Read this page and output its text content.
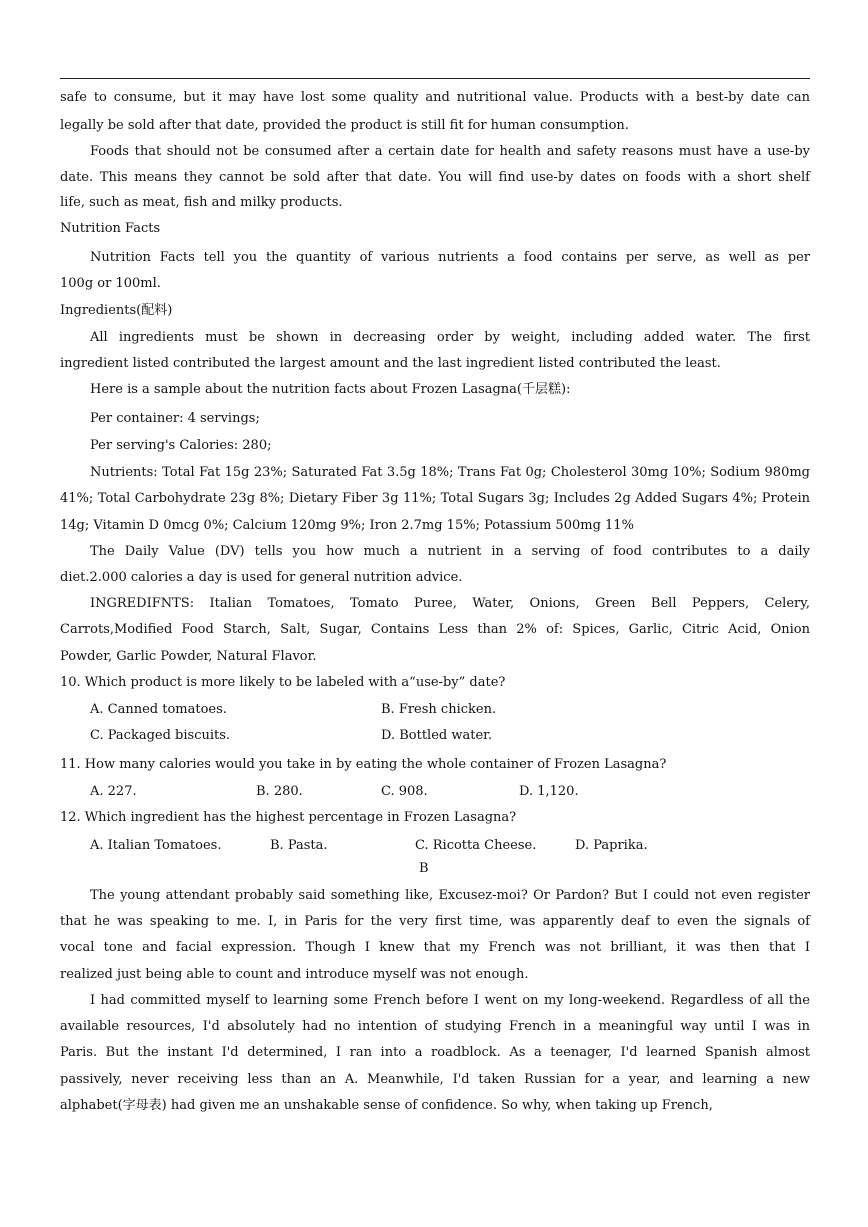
safe to consume, but it may have lost some quality and nutritional value. Products with a best-by date can
legally be sold after that date, provided the product is still fit for human consumption.
Foods that should not be consumed after a certain date for health and safety reasons must have a use-by
date. This means they cannot be sold after that date. You will find use-by dates on foods with a short shelf
life, such as meat, fish and milky products.
Nutrition Facts
Nutrition Facts tell you the quantity of various nutrients a food contains per serve, as well as per
100g or 100ml.
Ingredients(配料)
All ingredients must be shown in decreasing order by weight, including added water. The first
ingredient listed contributed the largest amount and the last ingredient listed contributed the least.
Here is a sample about the nutrition facts about Frozen Lasagna(千层糕):
Per container: 4 servings;
Per serving's Calories: 280;
Nutrients: Total Fat 15g 23%; Saturated Fat 3.5g 18%; Trans Fat 0g; Cholesterol 30mg 10%; Sodium 980mg
41%; Total Carbohydrate 23g 8%; Dietary Fiber 3g 11%; Total Sugars 3g; Includes 2g Added Sugars 4%; Protein
14g; Vitamin D 0mcg 0%; Calcium 120mg 9%; Iron 2.7mg 15%; Potassium 500mg 11%
The Daily Value (DV) tells you how much a nutrient in a serving of food contributes to a daily
diet.2.000 calories a day is used for general nutrition advice.
INGREDIFNTS: Italian Tomatoes, Tomato Puree, Water, Onions, Green Bell Peppers, Celery,
Carrots,Modified Food Starch, Salt, Sugar, Contains Less than 2% of: Spices, Garlic, Citric Acid, Onion
Powder, Garlic Powder, Natural Flavor.
10. Which product is more likely to be labeled with a“use-by” date?
A. Canned tomatoes.	B. Fresh chicken.
C. Packaged biscuits.	D. Bottled water.
11. How many calories would you take in by eating the whole container of Frozen Lasagna?
A. 227.	B. 280.	C. 908.	D. 1,120.
12. Which ingredient has the highest percentage in Frozen Lasagna?
A. Italian Tomatoes.	B. Pasta.	C. Ricotta Cheese.	D. Paprika.
B
The young attendant probably said something like, Excusez-moi? Or Pardon? But I could not even register
that he was speaking to me. I, in Paris for the very first time, was apparently deaf to even the signals of
vocal tone and facial expression. Though I knew that my French was not brilliant, it was then that I
realized just being able to count and introduce myself was not enough.
I had committed myself to learning some French before I went on my long-weekend. Regardless of all the
available resources, I'd absolutely had no intention of studying French in a meaningful way until I was in
Paris. But the instant I'd determined, I ran into a roadblock. As a teenager, I'd learned Spanish almost
passively, never receiving less than an A. Meanwhile, I'd taken Russian for a year, and learning a new
alphabet(字母表) had given me an unshakable sense of confidence. So why, when taking up French,
